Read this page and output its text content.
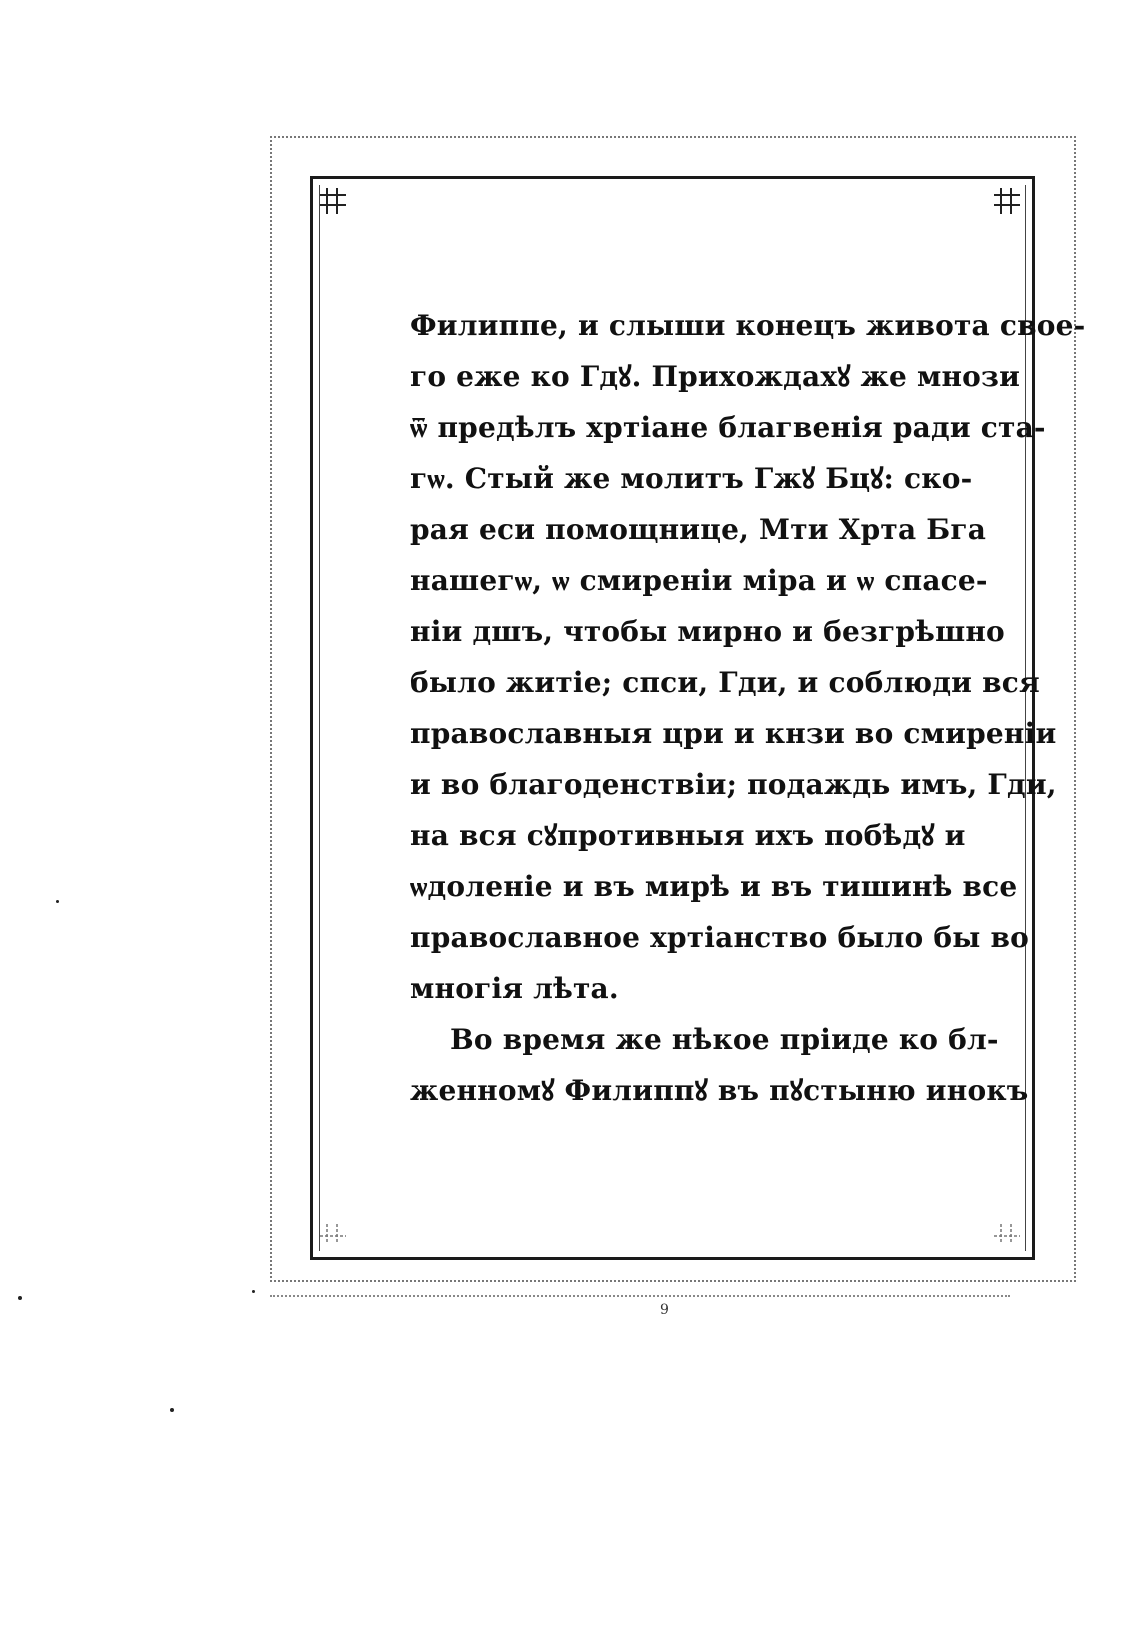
Филиппе, и слыши конецъ живота свое-
го еже ко Гдꙋ. Прихождахꙋ же мнози
ѿ предѣлъ хртіане благвенія ради ста-
гѡ. Стый же молитъ Гжꙋ Бцꙋ: ско-
рая еси помощнице, Мти Хрта Бга
нашегѡ, ѡ смиреніи міра и ѡ спасе-
ніи дшъ, чтобы мирно и безгрѣшно
было житіе; спси, Гди, и соблюди вся
православныя цри и кнзи во смиреніи
и во благоденствіи; подаждь имъ, Гди,
на вся сꙋпротивныя ихъ побѣдꙋ и
ѡдоленіе и въ мирѣ и въ тишинѣ все
православное хртіанство было бы во
многія лѣта.
Во время же нѣкое пріиде ко бл-
женномꙋ Филиппꙋ въ пꙋстыню инокъ
9
